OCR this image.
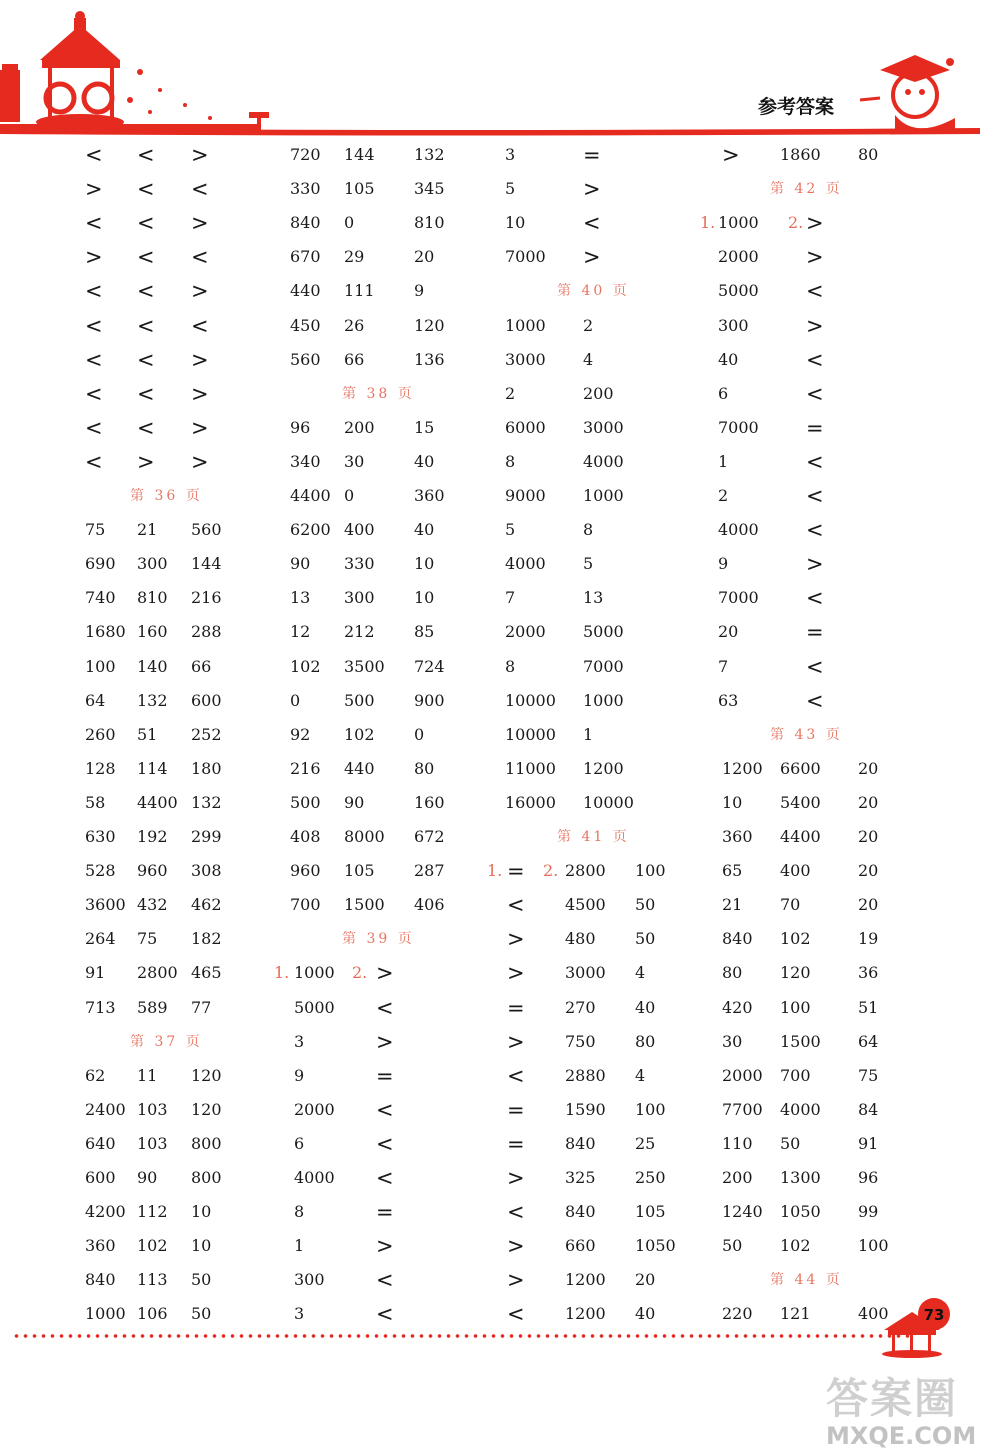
参考答案
< < >
> < <
< < >
> < <
< < >
< < <
< < >
< < >
< < >
< > >
第 36 页
75 21 560
690 300 144
740 810 216
1680 160 288
100 140 66
64 132 600
260 51 252
128 114 180
58 4400 132
630 192 299
528 960 308
3600 432 462
264 75 182
91 2800 465
713 589 77
第 37 页
62 11 120
2400 103 120
640 103 800
600 90 800
4200 112 10
360 102 10
840 113 50
1000 106 50
720 144 132
330 105 345
840 0	810
670 29	20
440 111 9
450 26	120
560 66	136
第 38 页
96 200 15
340 30	40
4400 0	360
6200 400 40
90 330 10
13 300 10
12 212 85
102 3500 724
0	500 900
92 102 0
216 440 80
500 90	160
408 8000 672
960 105 287
700 1500 406
第 39 页
1. 1000 2. >
5000 <
3	>
9	=
2000 <
6	<
4000 <
8	=
1	>
300 <
3	<
3	=
5	>
10	<
7000 >
第 40 页
1000 2
3000 4
2	200
6000 3000
8	4000
9000 1000
5	8
4000 5
7	13
2000 5000
8	7000
10000 1000
10000 1
11000 1200
16000 10000
第 41 页
1. = 2. 2800 100
<	4500 50
>	480 50
>	3000 4
=	270 40
>	750 80
<	2880 4
=	1590 100
=	840 25
>	325 250
<	840 105
>	660 1050
>	1200 20
<	1200 40
>	1860 80
第 42 页
1. 1000 2. >
2000 >
5000 <
300	>
40	<
6	<
7000 =
1	<
2	<
4000 <
9	>
7000 <
20	=
7	<
63	<
第 43 页
1200 6600 20
10 5400 20
360 4400 20
65 400	20
21 70	20
840 102	19
80 120	36
420 100	51
30 1500 64
2000 700	75
7700 4000 84
110 50	91
200 1300 96
1240 1050 99
50 102	100
第 44 页
220 121	400	73
答案圈
MXQE.COM
